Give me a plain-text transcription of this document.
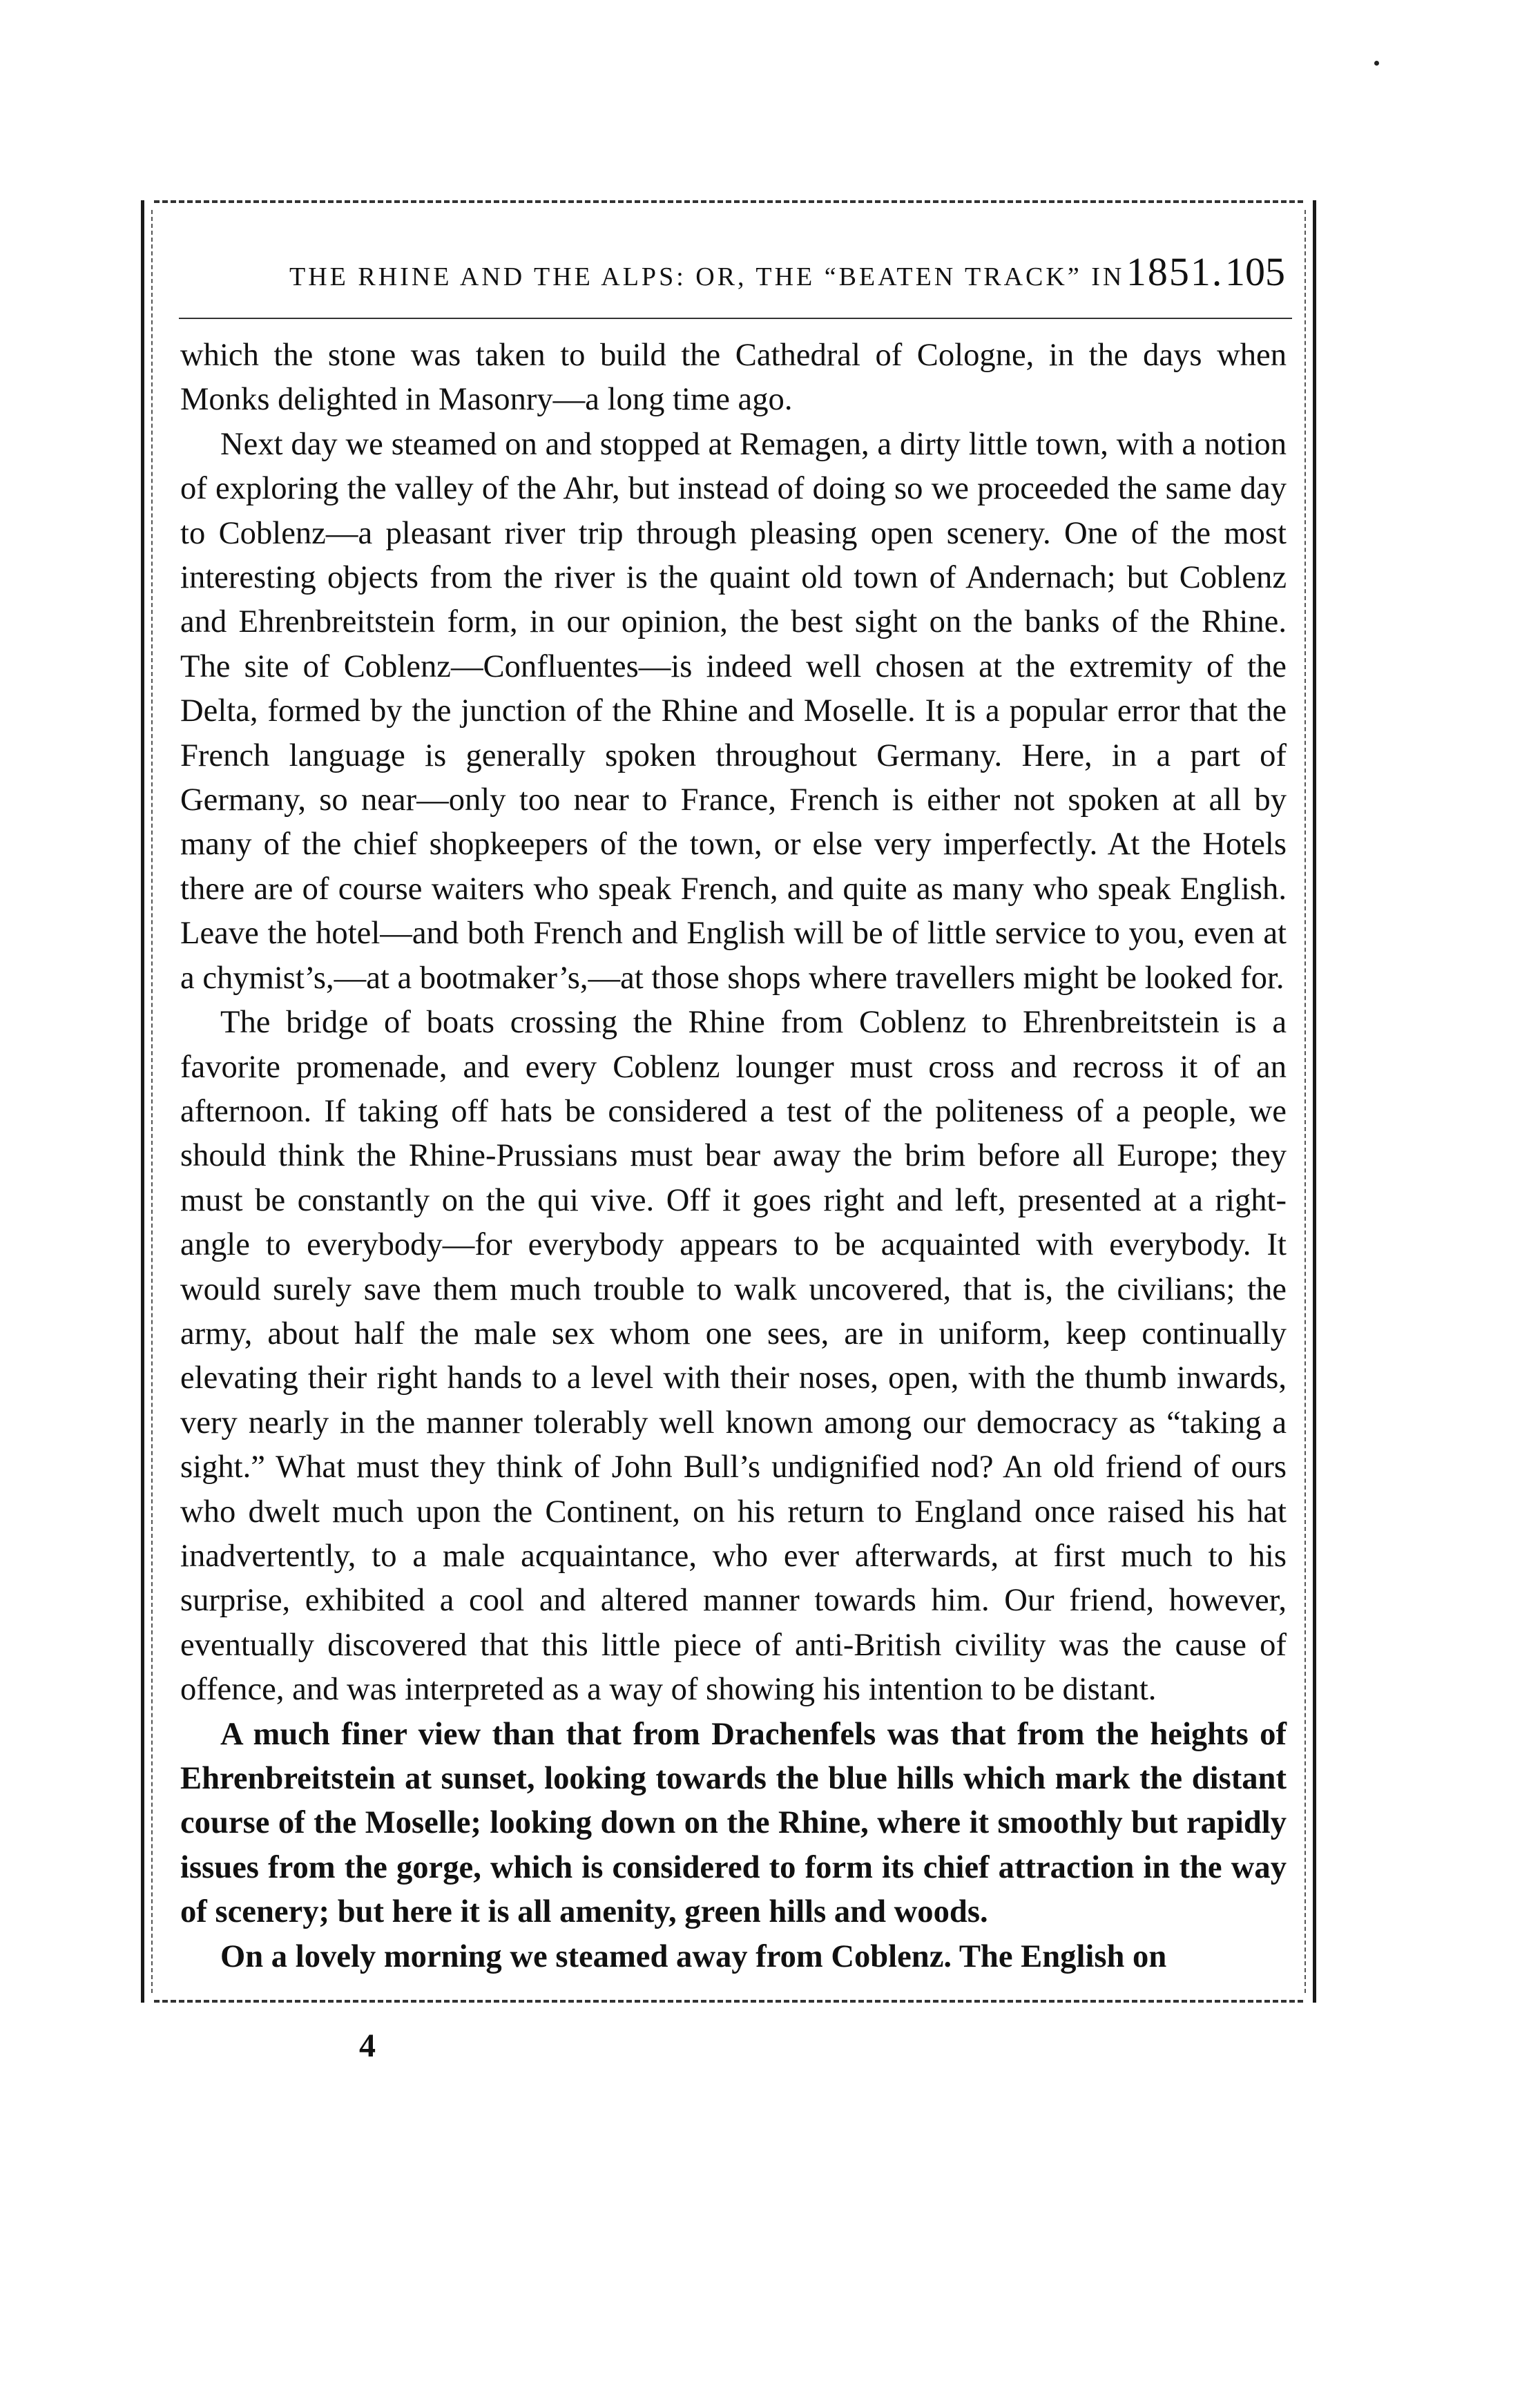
THE RHINE AND THE ALPS: OR, THE “BEATEN TRACK” IN 1851. 105

which the stone was taken to build the Cathedral of Cologne, in the days when Monks delighted in Masonry—a long time ago.

Next day we steamed on and stopped at Remagen, a dirty little town, with a notion of exploring the valley of the Ahr, but instead of doing so we proceeded the same day to Coblenz—a pleasant river trip through pleasing open scenery. One of the most interesting objects from the river is the quaint old town of Andernach; but Coblenz and Ehrenbreitstein form, in our opinion, the best sight on the banks of the Rhine. The site of Coblenz—Confluentes—is indeed well chosen at the extremity of the Delta, formed by the junction of the Rhine and Moselle. It is a popular error that the French language is generally spoken throughout Germany. Here, in a part of Germany, so near—only too near to France, French is either not spoken at all by many of the chief shopkeepers of the town, or else very imperfectly. At the Hotels there are of course waiters who speak French, and quite as many who speak English. Leave the hotel—and both French and English will be of little service to you, even at a chymist’s,—at a bootmaker’s,—at those shops where travellers might be looked for.

The bridge of boats crossing the Rhine from Coblenz to Ehrenbreitstein is a favorite promenade, and every Coblenz lounger must cross and recross it of an afternoon. If taking off hats be considered a test of the politeness of a people, we should think the Rhine-Prussians must bear away the brim before all Europe; they must be constantly on the qui vive. Off it goes right and left, presented at a right-angle to everybody—for everybody appears to be acquainted with everybody. It would surely save them much trouble to walk uncovered, that is, the civilians; the army, about half the male sex whom one sees, are in uniform, keep continually elevating their right hands to a level with their noses, open, with the thumb inwards, very nearly in the manner tolerably well known among our democracy as “taking a sight.” What must they think of John Bull’s undignified nod? An old friend of ours who dwelt much upon the Continent, on his return to England once raised his hat inadvertently, to a male acquaintance, who ever afterwards, at first much to his surprise, exhibited a cool and altered manner towards him. Our friend, however, eventually discovered that this little piece of anti-British civility was the cause of offence, and was interpreted as a way of showing his intention to be distant.

A much finer view than that from Drachenfels was that from the heights of Ehrenbreitstein at sunset, looking towards the blue hills which mark the distant course of the Moselle; looking down on the Rhine, where it smoothly but rapidly issues from the gorge, which is considered to form its chief attraction in the way of scenery; but here it is all amenity, green hills and woods.

On a lovely morning we steamed away from Coblenz. The English on

4
